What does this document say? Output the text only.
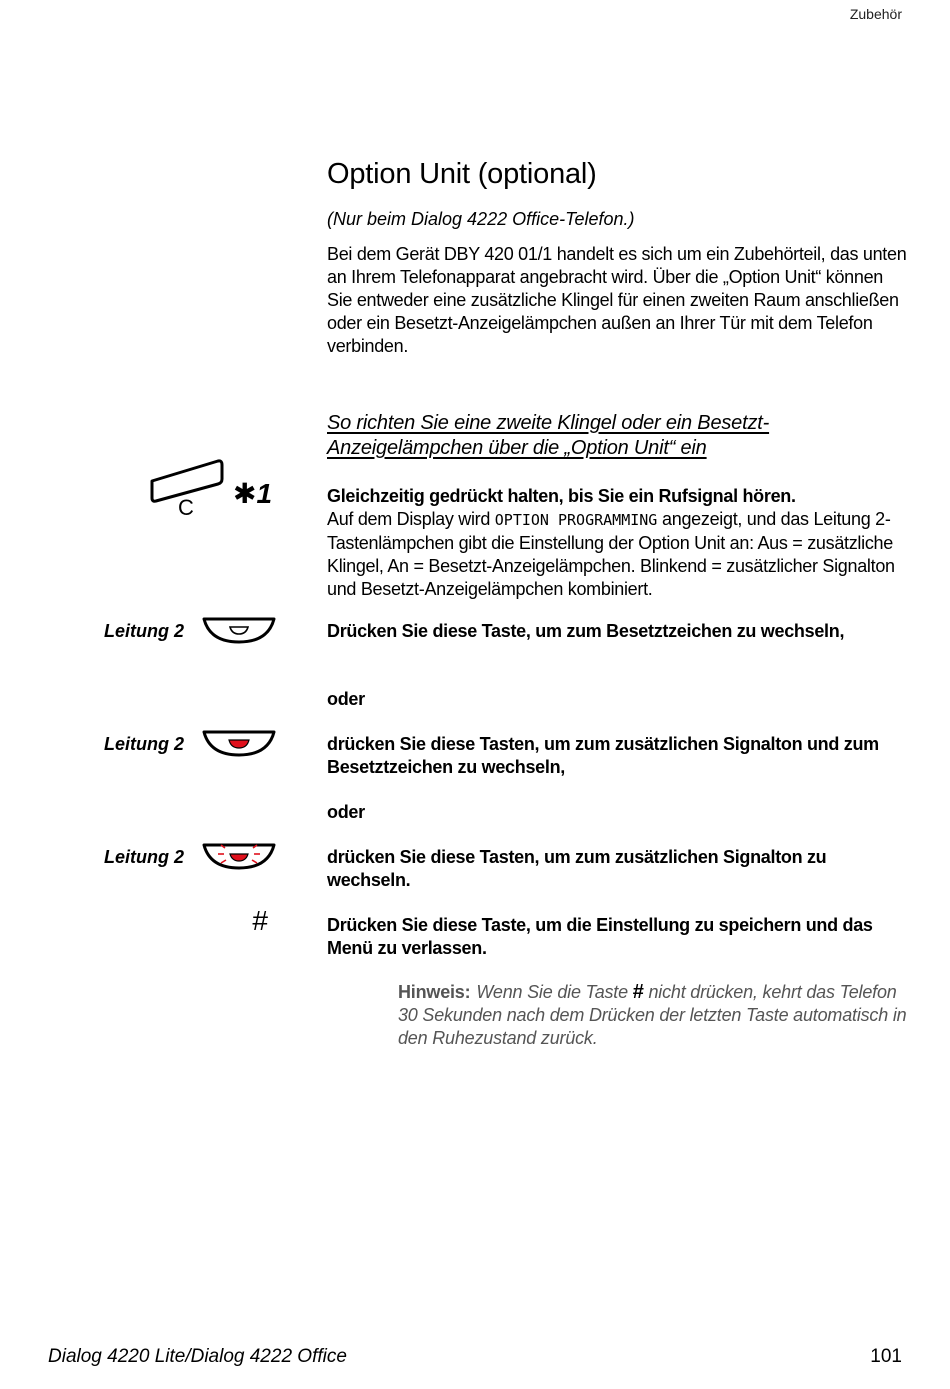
Zubehör
Option Unit (optional)
(Nur beim Dialog 4222 Office-Telefon.)
Bei dem Gerät DBY 420 01/1 handelt es sich um ein Zubehörteil, das unten an Ihrem Telefonapparat angebracht wird. Über die „Option Unit“ können Sie entweder eine zusätzliche Klingel für einen zweiten Raum anschließen oder ein Besetzt-Anzeigelämpchen außen an Ihrer Tür mit dem Telefon verbinden.
So richten Sie eine zweite Klingel oder ein Besetzt-Anzeigelämpchen über die „Option Unit“ ein
C ✱1	Gleichzeitig gedrückt halten, bis Sie ein Rufsignal hören.
Auf dem Display wird OPTION PROGRAMMING angezeigt, und das Leitung 2-Tastenlämpchen gibt die Einstellung der Option Unit an: Aus = zusätzliche Klingel, An = Besetzt-Anzeigelämpchen. Blinkend = zusätzlicher Signalton und Besetzt-Anzeigelämpchen kombiniert.
Leitung 2	Drücken Sie diese Taste, um zum Besetztzeichen zu wechseln,
oder
Leitung 2	drücken Sie diese Tasten, um zum zusätzlichen Signalton und zum Besetztzeichen zu wechseln,
oder
Leitung 2	drücken Sie diese Tasten, um zum zusätzlichen Signalton zu wechseln.
#	Drücken Sie diese Taste, um die Einstellung zu speichern und das Menü zu verlassen.
Hinweis: Wenn Sie die Taste # nicht drücken, kehrt das Telefon 30 Sekunden nach dem Drücken der letzten Taste automatisch in den Ruhezustand zurück.
Dialog 4220 Lite/Dialog 4222 Office	101
